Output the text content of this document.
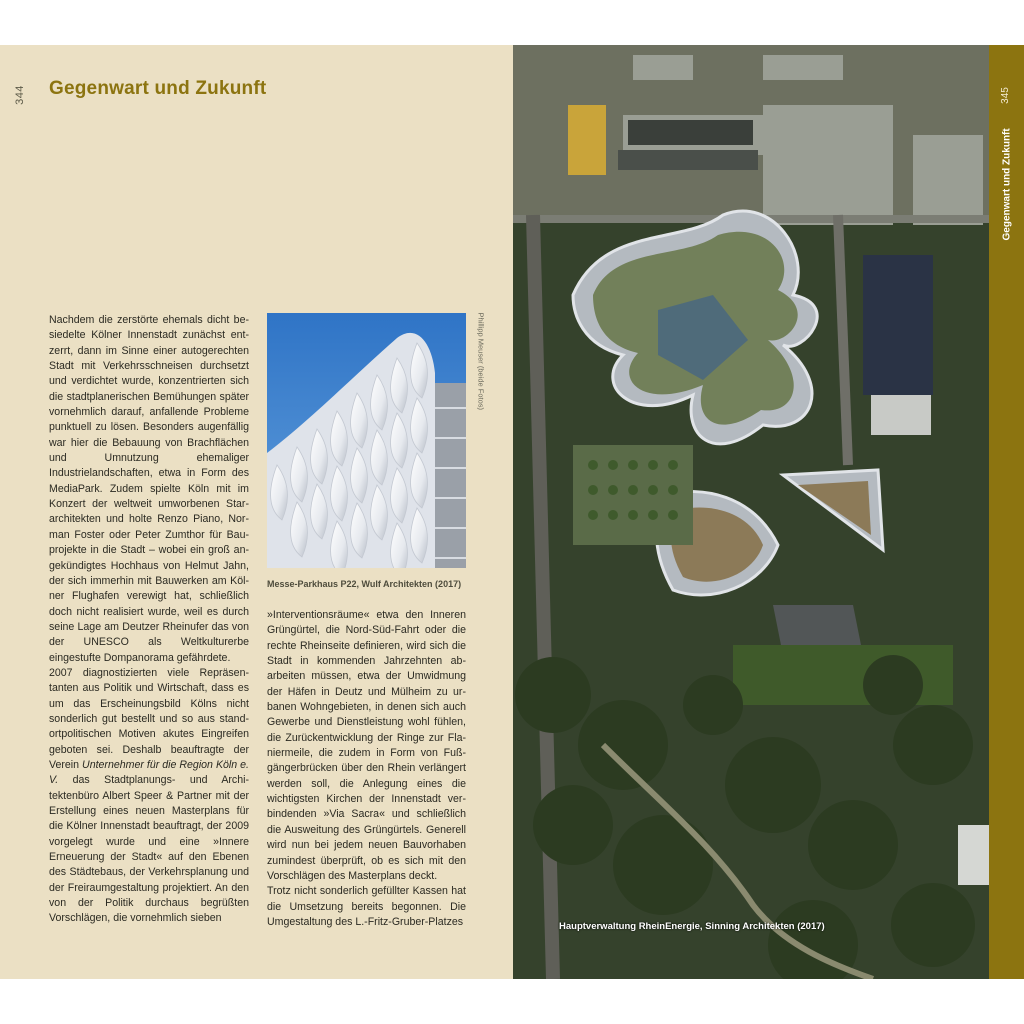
344 Gegenwart und Zukunft

Nachdem die zerstörte ehemals dicht besiedelte Kölner Innenstadt zunächst entzerrt, dann im Sinne einer autogerechten Stadt mit Verkehrsschneisen durchsetzt und verdichtet wurde, konzentrierten sich die stadtplanerischen Bemühungen später vornehmlich darauf, anfallende Probleme punktuell zu lösen. Besonders augenfällig war hier die Bebauung von Brachflächen und Umnutzung ehemaliger Industrielandschaften, etwa in Form des MediaPark. Zudem spielte Köln mit im Konzert der weltweit umworbenen Stararchitekten und holte Renzo Piano, Norman Foster oder Peter Zumthor für Bauprojekte in die Stadt – wobei ein groß angekündigtes Hochhaus von Helmut Jahn, der sich immerhin mit Bauwerken am Kölner Flughafen verewigt hat, schließlich doch nicht realisiert wurde, weil es durch seine Lage am Deutzer Rheinufer das von der UNESCO als Weltkulturerbe eingestufte Dompanorama gefährdete.

2007 diagnostizierten viele Repräsentanten aus Politik und Wirtschaft, dass es um das Erscheinungsbild Kölns nicht sonderlich gut bestellt und so aus standortpolitischen Motiven akutes Eingreifen geboten sei. Deshalb beauftragte der Verein Unternehmer für die Region Köln e. V. das Stadtplanungs- und Architektenbüro Albert Speer & Partner mit der Erstellung eines neuen Masterplans für die Kölner Innenstadt beauftragt, der 2009 vorgelegt wurde und eine »Innere Erneuerung der Stadt« auf den Ebenen des Städtebaus, der Verkehrsplanung und der Freiraumgestaltung projektiert. An den von der Politik durchaus begrüßten Vorschlägen, die vornehmlich sieben

Phillipp Meuser (beide Fotos)
Messe-Parkhaus P22, Wulf Architekten (2017)

»Interventionsräume« etwa den Inneren Grüngürtel, die Nord-Süd-Fahrt oder die rechte Rheinseite definieren, wird sich die Stadt in kommenden Jahrzehnten abarbeiten müssen, etwa der Umwidmung der Häfen in Deutz und Mülheim zu urbanen Wohngebieten, in denen sich auch Gewerbe und Dienstleistung wohl fühlen, die Zurückentwicklung der Ringe zur Flaniermeile, die zudem in Form von Fußgängerbrücken über den Rhein verlängert werden soll, die Anlegung eines die wichtigsten Kirchen der Innenstadt verbindenden »Via Sacra« und schließlich die Ausweitung des Grüngürtels. Generell wird nun bei jedem neuen Bauvorhaben zumindest überprüft, ob es sich mit den Vorschlägen des Masterplans deckt.

Trotz nicht sonderlich gefüllter Kassen hat die Umsetzung bereits begonnen. Die Umgestaltung des L.-Fritz-Gruber-Platzes	Hauptverwaltung RheinEnergie, Sinning Architekten (2017)
345
Gegenwart und Zukunft
